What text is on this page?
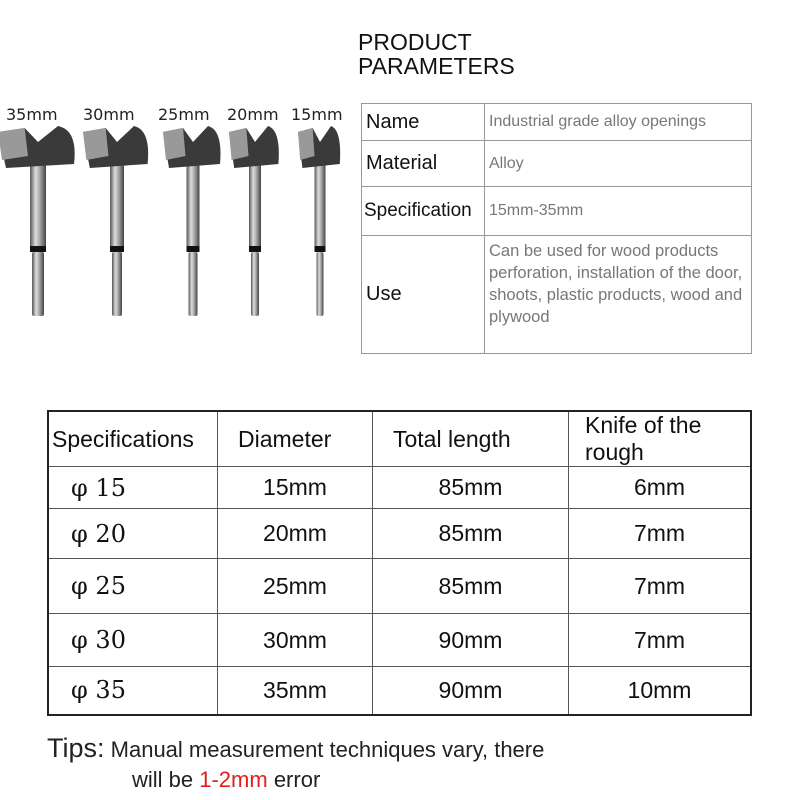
PRODUCT
PARAMETERS
35mm 30mm 25mm 20mm 15mm Name	Industrial grade alloy openings
Material	Alloy
Specification	15mm-35mm
Use	Can be used for wood products perforation, installation of the door, shoots, plastic products, wood and plywood
Specifications	Diameter	Total length	Knife of the rough
φ 15	15mm	85mm	6mm
φ 20	20mm	85mm	7mm
φ 25	25mm	85mm	7mm
φ 30	30mm	90mm	7mm
φ 35	35mm	90mm	10mm
Tips: Manual measurement techniques vary, there
will be 1-2mm error
